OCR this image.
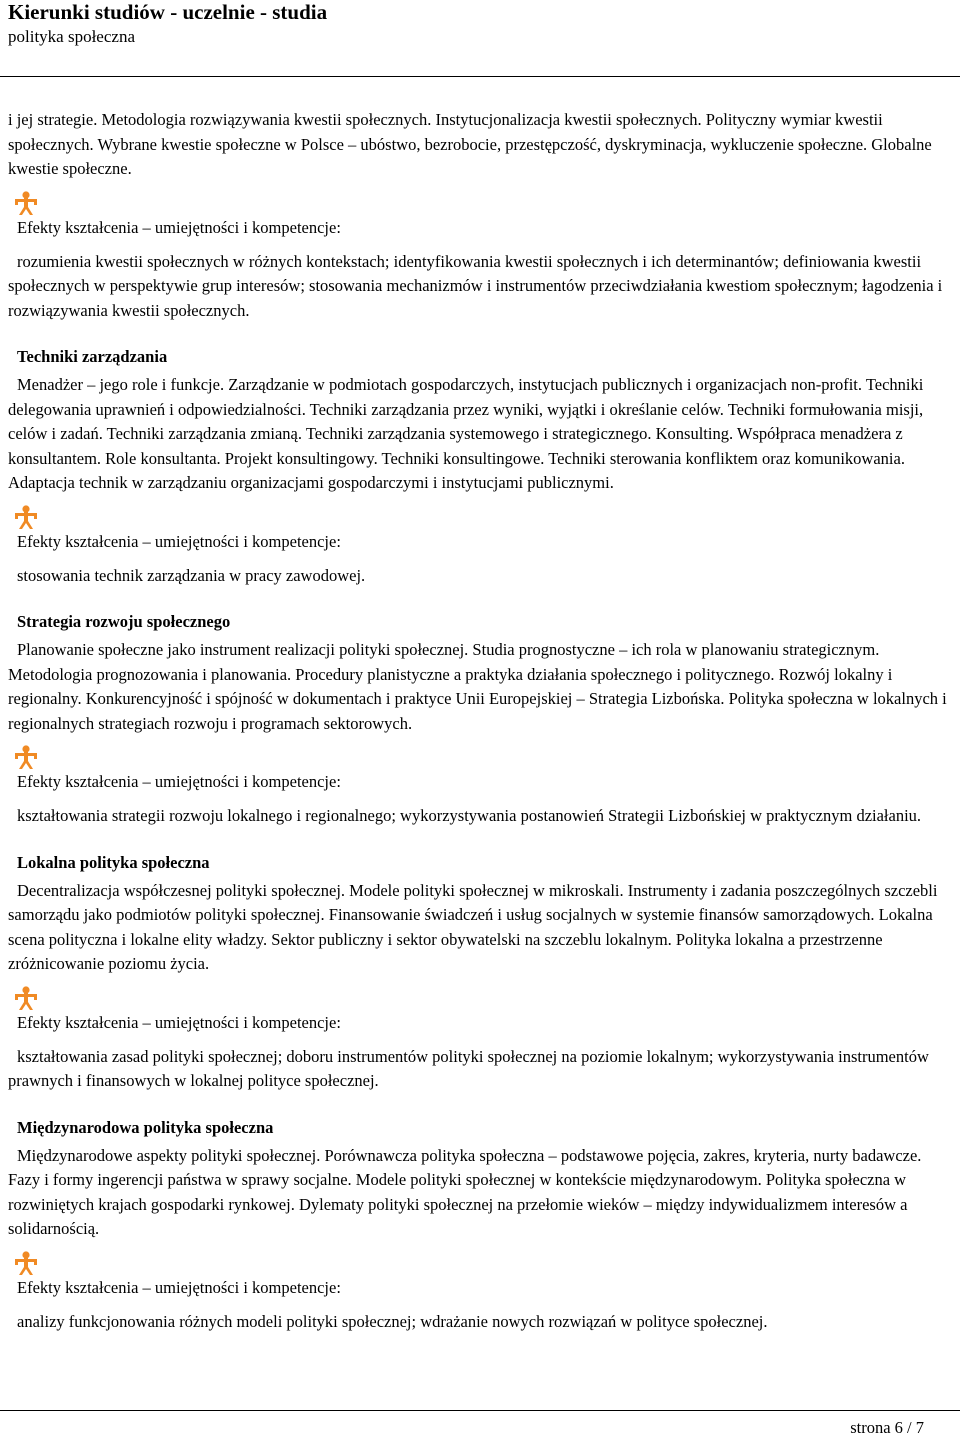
Kierunki studiów - uczelnie - studia
polityka społeczna

i jej strategie. Metodologia rozwiązywania kwestii społecznych. Instytucjonalizacja kwestii społecznych. Polityczny wymiar kwestii społecznych. Wybrane kwestie społeczne w Polsce – ubóstwo, bezrobocie, przestępczość, dyskryminacja, wykluczenie społeczne. Globalne kwestie społeczne.

Efekty kształcenia – umiejętności i kompetencje:

rozumienia kwestii społecznych w różnych kontekstach; identyfikowania kwestii społecznych i ich determinantów; definiowania kwestii społecznych w perspektywie grup interesów; stosowania mechanizmów i instrumentów przeciwdziałania kwestiom społecznym; łagodzenia i rozwiązywania kwestii społecznych.

Techniki zarządzania

Menadżer – jego role i funkcje. Zarządzanie w podmiotach gospodarczych, instytucjach publicznych i organizacjach non-profit. Techniki delegowania uprawnień i odpowiedzialności. Techniki zarządzania przez wyniki, wyjątki i określanie celów. Techniki formułowania misji, celów i zadań. Techniki zarządzania zmianą. Techniki zarządzania systemowego i strategicznego. Konsulting. Współpraca menadżera z konsultantem. Role konsultanta. Projekt konsultingowy. Techniki konsultingowe. Techniki sterowania konfliktem oraz komunikowania. Adaptacja technik w zarządzaniu organizacjami gospodarczymi i instytucjami publicznymi.

Efekty kształcenia – umiejętności i kompetencje:

stosowania technik zarządzania w pracy zawodowej.

Strategia rozwoju społecznego

Planowanie społeczne jako instrument realizacji polityki społecznej. Studia prognostyczne – ich rola w planowaniu strategicznym. Metodologia prognozowania i planowania. Procedury planistyczne a praktyka działania społecznego i politycznego. Rozwój lokalny i regionalny. Konkurencyjność i spójność w dokumentach i praktyce Unii Europejskiej – Strategia Lizbońska. Polityka społeczna w lokalnych i regionalnych strategiach rozwoju i programach sektorowych.

Efekty kształcenia – umiejętności i kompetencje:

kształtowania strategii rozwoju lokalnego i regionalnego; wykorzystywania postanowień Strategii Lizbońskiej w praktycznym działaniu.

Lokalna polityka społeczna

Decentralizacja współczesnej polityki społecznej. Modele polityki społecznej w mikroskali. Instrumenty i zadania poszczególnych szczebli samorządu jako podmiotów polityki społecznej. Finansowanie świadczeń i usług socjalnych w systemie finansów samorządowych. Lokalna scena polityczna i lokalne elity władzy. Sektor publiczny i sektor obywatelski na szczeblu lokalnym. Polityka lokalna a przestrzenne zróżnicowanie poziomu życia.

Efekty kształcenia – umiejętności i kompetencje:

kształtowania zasad polityki społecznej; doboru instrumentów polityki społecznej na poziomie lokalnym; wykorzystywania instrumentów prawnych i finansowych w lokalnej polityce społecznej.

Międzynarodowa polityka społeczna

Międzynarodowe aspekty polityki społecznej. Porównawcza polityka społeczna – podstawowe pojęcia, zakres, kryteria, nurty badawcze. Fazy i formy ingerencji państwa w sprawy socjalne. Modele polityki społecznej w kontekście międzynarodowym. Polityka społeczna w rozwiniętych krajach gospodarki rynkowej. Dylematy polityki społecznej na przełomie wieków – między indywidualizmem interesów a solidarnością.

Efekty kształcenia – umiejętności i kompetencje:

analizy funkcjonowania różnych modeli polityki społecznej; wdrażanie nowych rozwiązań w polityce społecznej.

strona 6 / 7
